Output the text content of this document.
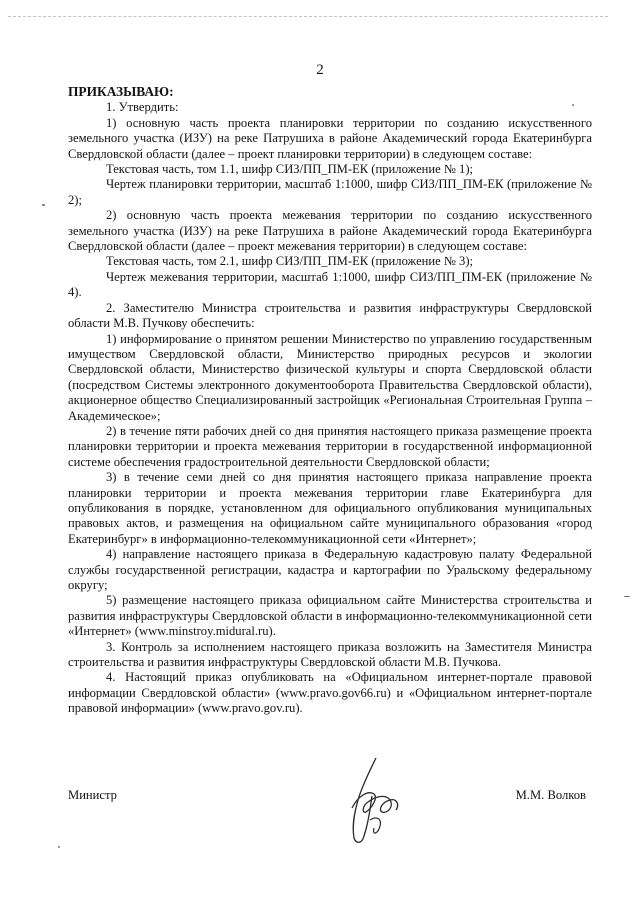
2

ПРИКАЗЫВАЮ:

1. Утвердить:

1) основную часть проекта планировки территории по созданию искусственного земельного участка (ИЗУ) на реке Патрушиха в районе Академический города Екатеринбурга Свердловской области (далее – проект планировки территории) в следующем составе:

Текстовая часть, том 1.1, шифр СИЗ/ПП_ПМ-ЕК (приложение № 1);

Чертеж планировки территории, масштаб 1:1000, шифр СИЗ/ПП_ПМ-ЕК (приложение № 2);

2) основную часть проекта межевания территории по созданию искусственного земельного участка (ИЗУ) на реке Патрушиха в районе Академический города Екатеринбурга Свердловской области (далее – проект межевания территории) в следующем составе:

Текстовая часть, том 2.1, шифр СИЗ/ПП_ПМ-ЕК (приложение № 3);

Чертеж межевания территории, масштаб 1:1000, шифр СИЗ/ПП_ПМ-ЕК (приложение № 4).

2. Заместителю Министра строительства и развития инфраструктуры Свердловской области М.В. Пучкову обеспечить:

1) информирование о принятом решении Министерство по управлению государственным имуществом Свердловской области, Министерство природных ресурсов и экологии Свердловской области, Министерство физической культуры и спорта Свердловской области (посредством Системы электронного документооборота Правительства Свердловской области), акционерное общество Специализированный застройщик «Региональная Строительная Группа – Академическое»;

2) в течение пяти рабочих дней со дня принятия настоящего приказа размещение проекта планировки территории и проекта межевания территории в государственной информационной системе обеспечения градостроительной деятельности Свердловской области;

3) в течение семи дней со дня принятия настоящего приказа направление проекта планировки территории и проекта межевания территории главе Екатеринбурга для опубликования в порядке, установленном для официального опубликования муниципальных правовых актов, и размещения на официальном сайте муниципального образования «город Екатеринбург» в информационно-телекоммуникационной сети «Интернет»;

4) направление настоящего приказа в Федеральную кадастровую палату Федеральной службы государственной регистрации, кадастра и картографии по Уральскому федеральному округу;

5) размещение настоящего приказа официальном сайте Министерства строительства и развития инфраструктуры Свердловской области в информационно-телекоммуникационной сети «Интернет» (www.minstroy.midural.ru).

3. Контроль за исполнением настоящего приказа возложить на Заместителя Министра строительства и развития инфраструктуры Свердловской области М.В. Пучкова.

4. Настоящий приказ опубликовать на «Официальном интернет-портале правовой информации Свердловской области» (www.pravo.gov66.ru) и «Официальном интернет-портале правовой информации» (www.pravo.gov.ru).

Министр	М.М. Волков
